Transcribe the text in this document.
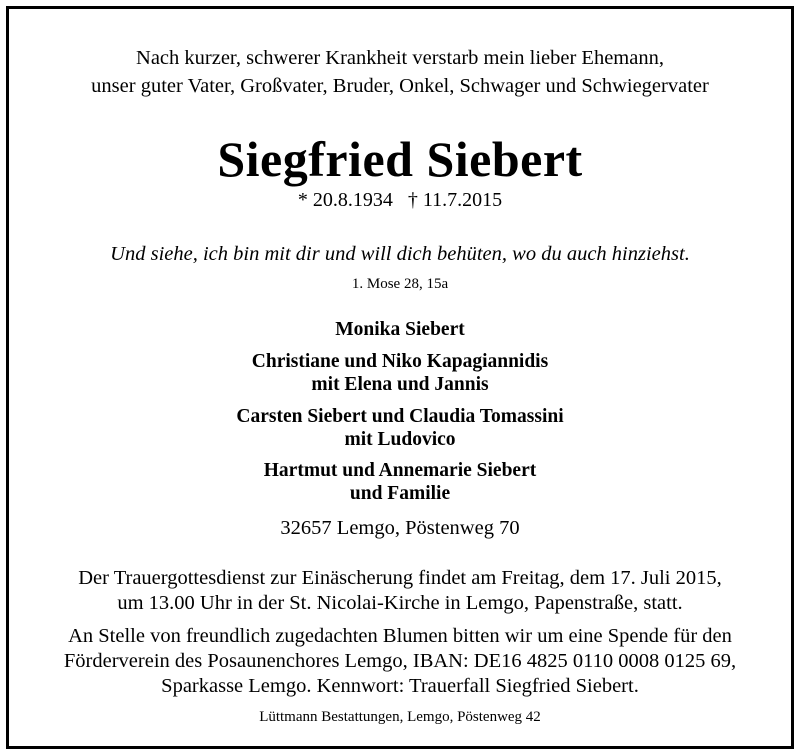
Nach kurzer, schwerer Krankheit verstarb mein lieber Ehemann,
unser guter Vater, Großvater, Bruder, Onkel, Schwager und Schwiegervater
Siegfried Siebert
* 20.8.1934   † 11.7.2015
Und siehe, ich bin mit dir und will dich behüten, wo du auch hinziehst.
1. Mose 28, 15a
Monika Siebert
Christiane und Niko Kapagiannidis
mit Elena und Jannis
Carsten Siebert und Claudia Tomassini
mit Ludovico
Hartmut und Annemarie Siebert
und Familie
32657 Lemgo, Pöstenweg 70
Der Trauergottesdienst zur Einäscherung findet am Freitag, dem 17. Juli 2015,
um 13.00 Uhr in der St. Nicolai-Kirche in Lemgo, Papenstraße, statt.
An Stelle von freundlich zugedachten Blumen bitten wir um eine Spende für den
Förderverein des Posaunenchores Lemgo, IBAN: DE16 4825 0110 0008 0125 69,
Sparkasse Lemgo. Kennwort: Trauerfall Siegfried Siebert.
Lüttmann Bestattungen, Lemgo, Pöstenweg 42
